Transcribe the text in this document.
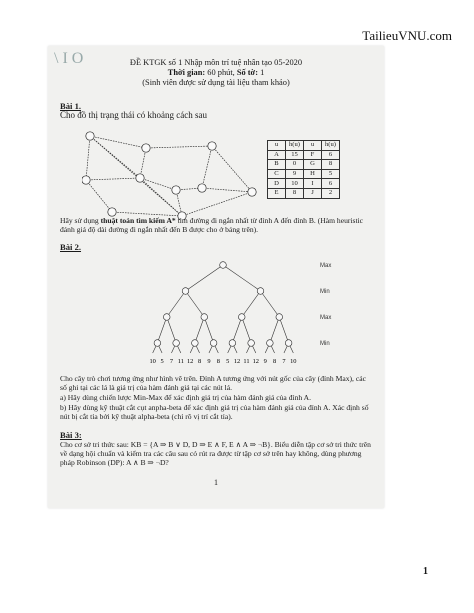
TailieuVNU.com
\ I O	ĐỀ KTGK số 1 Nhập môn trí tuệ nhân tạo 05-2020
Thời gian: 60 phút, Số tờ: 1
(Sinh viên được sử dụng tài liệu tham khảo)
Bài 1.
Cho đồ thị trạng thái có khoảng cách sau
u	h(u)	u	h(u)
A	15	F	6
B	0	G	8
C	9	H	5
D	10	I	6
E	8	J	2
Hãy sử dụng thuật toán tìm kiếm A* tìm đường đi ngắn nhất từ đỉnh A đến đỉnh B. (Hàm heuristic đánh giá độ dài đường đi ngắn nhất đến B được cho ở bảng trên).
Bài 2.
10 5 7 11 12 8 9 8 5 12 11 12 9 8 7 10
Max
Min
Max
Min
Cho cây trò chơi tương ứng như hình vẽ trên. Đỉnh A tương ứng với nút gốc của cây (đỉnh Max), các số ghi tại các lá là giá trị của hàm đánh giá tại các nút lá.
a) Hãy dùng chiến lược Min-Max để xác định giá trị của hàm đánh giá của đỉnh A.
b) Hãy dùng kỹ thuật cắt cụt anpha-beta để xác định giá trị của hàm đánh giá của đỉnh A. Xác định số nút bị cắt tỉa bởi kỹ thuật alpha-beta (chỉ rõ vị trí cắt tỉa).
Bài 3:
Cho cơ sở tri thức sau: KB = {A ⇒ B ∨ D, D ⇒ E ∧ F, E ∧ A ⇒ ¬B}. Biểu diễn tập cơ sở tri thức trên về dạng hội chuẩn và kiểm tra các câu sau có rút ra được từ tập cơ sở trên hay không, dùng phương pháp Robinson (DP): A ∧ B ⇒ ¬D?
1
1
